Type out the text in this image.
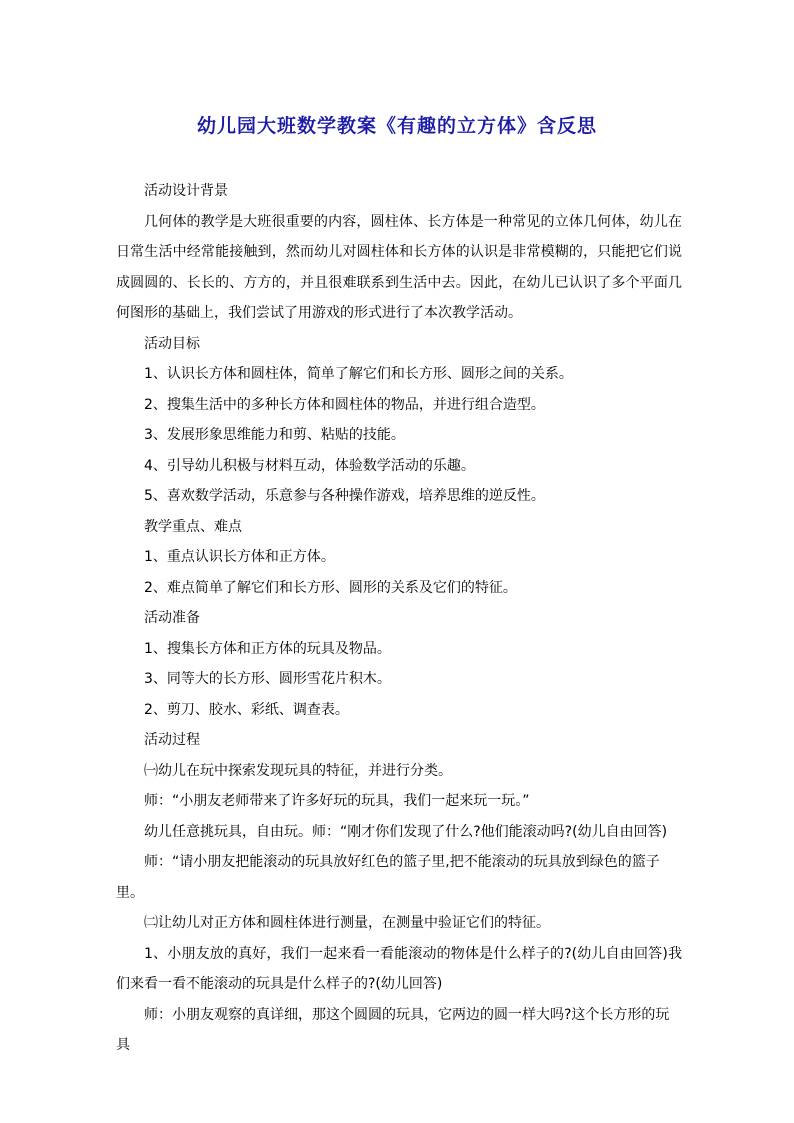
幼儿园大班数学教案《有趣的立方体》含反思

活动设计背景

几何体的教学是大班很重要的内容，圆柱体、长方体是一种常见的立体几何体，幼儿在日常生活中经常能接触到，然而幼儿对圆柱体和长方体的认识是非常模糊的，只能把它们说成圆圆的、长长的、方方的，并且很难联系到生活中去。因此，在幼儿已认识了多个平面几何图形的基础上，我们尝试了用游戏的形式进行了本次教学活动。

活动目标

1、认识长方体和圆柱体，简单了解它们和长方形、圆形之间的关系。

2、搜集生活中的多种长方体和圆柱体的物品，并进行组合造型。

3、发展形象思维能力和剪、粘贴的技能。

4、引导幼儿积极与材料互动，体验数学活动的乐趣。

5、喜欢数学活动，乐意参与各种操作游戏，培养思维的逆反性。

教学重点、难点

1、重点认识长方体和正方体。

2、难点简单了解它们和长方形、圆形的关系及它们的特征。

活动准备

1、搜集长方体和正方体的玩具及物品。

3、同等大的长方形、圆形雪花片积木。

2、剪刀、胶水、彩纸、调查表。

活动过程

㈠幼儿在玩中探索发现玩具的特征，并进行分类。

师：“小朋友老师带来了许多好玩的玩具，我们一起来玩一玩。”

幼儿任意挑玩具，自由玩。师：“刚才你们发现了什么?他们能滚动吗?(幼儿自由回答)

师：“请小朋友把能滚动的玩具放好红色的篮子里,把不能滚动的玩具放到绿色的篮子里。

㈡让幼儿对正方体和圆柱体进行测量，在测量中验证它们的特征。

1、小朋友放的真好，我们一起来看一看能滚动的物体是什么样子的?(幼儿自由回答)我们来看一看不能滚动的玩具是什么样子的?(幼儿回答)

师：小朋友观察的真详细，那这个圆圆的玩具，它两边的圆一样大吗?这个长方形的玩具
